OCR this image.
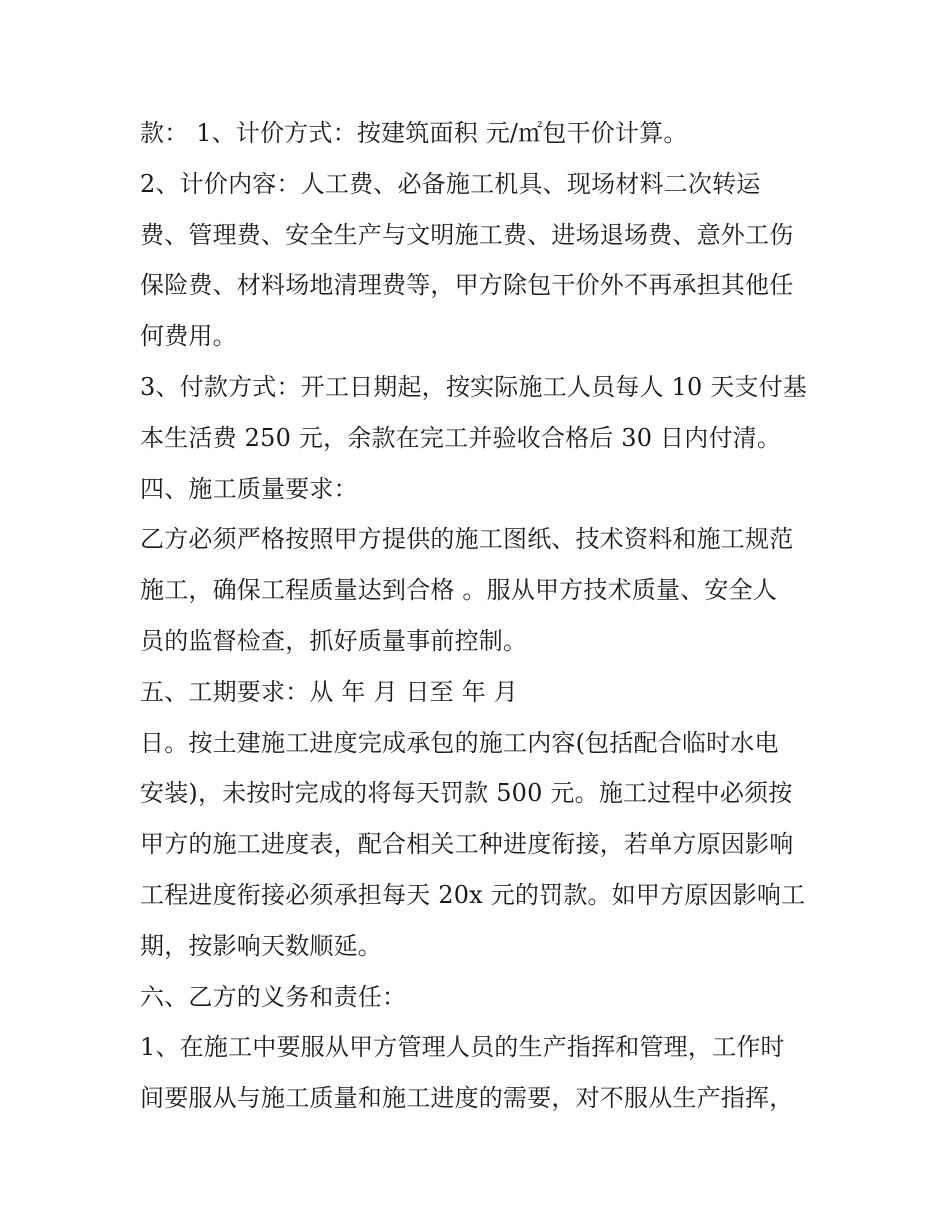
款： 1、计价方式：按建筑面积 元/㎡包干价计算。
2、计价内容：人工费、必备施工机具、现场材料二次转运
费、管理费、安全生产与文明施工费、进场退场费、意外工伤
保险费、材料场地清理费等，甲方除包干价外不再承担其他任
何费用。
3、付款方式：开工日期起，按实际施工人员每人 10 天支付基
本生活费 250 元，余款在完工并验收合格后 30 日内付清。
四、施工质量要求：
乙方必须严格按照甲方提供的施工图纸、技术资料和施工规范
施工，确保工程质量达到合格 。服从甲方技术质量、安全人
员的监督检查，抓好质量事前控制。
五、工期要求：从 年 月 日至 年 月
日。按土建施工进度完成承包的施工内容(包括配合临时水电
安装)，未按时完成的将每天罚款 500 元。施工过程中必须按
甲方的施工进度表，配合相关工种进度衔接，若单方原因影响
工程进度衔接必须承担每天 20x 元的罚款。如甲方原因影响工
期，按影响天数顺延。
六、乙方的义务和责任：
1、在施工中要服从甲方管理人员的生产指挥和管理，工作时
间要服从与施工质量和施工进度的需要，对不服从生产指挥，
